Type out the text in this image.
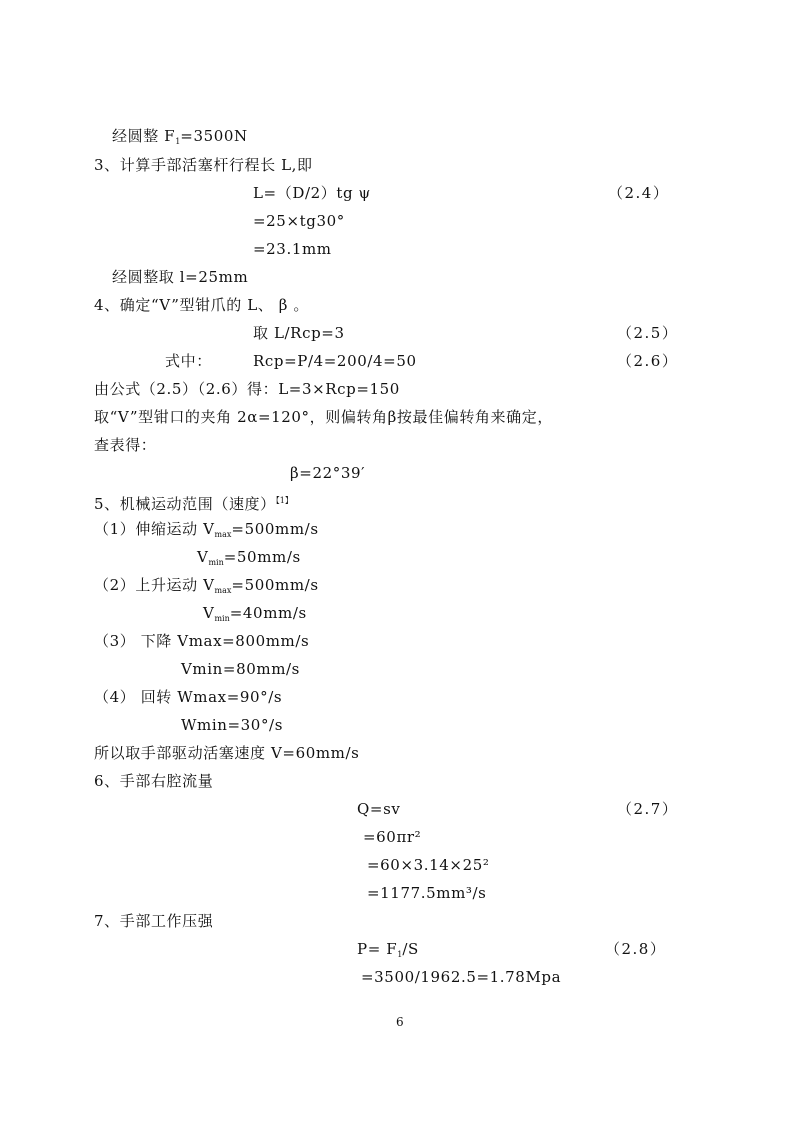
经圆整 $F_1=3500N$
3、计算手部活塞杆行程长 L,即
L=（D/2）tg ψ	（2.4）
=25×tg30°
=23.1mm
经圆整取 l=25mm
4、确定“V”型钳爪的 L、 β 。
取 L/Rcp=3	（2.5）
式中：	Rcp=P/4=200/4=50	（2.6）
由公式（2.5）（2.6）得：L=3×Rcp=150
取“V”型钳口的夹角 2α=120°，则偏转角β按最佳偏转角来确定，
查表得：
β=22°39′
5、机械运动范围（速度）$^{【1】}$
（1）伸缩运动 $V_{max}=500mm/s$
$V_{min}=50mm/s$
（2）上升运动 $V_{max}=500mm/s$
$V_{min}=40mm/s$
（3） 下降 Vmax=800mm/s
Vmin=80mm/s
（4） 回转 Wmax=90°/s
Wmin=30°/s
所以取手部驱动活塞速度 V=60mm/s
6、手部右腔流量
Q=sv	（2.7）
=60πr²
=60×3.14×25²
=1177.5mm³/s
7、手部工作压强
$P= F_1/S$	（2.8）
=3500/1962.5=1.78Mpa
6
